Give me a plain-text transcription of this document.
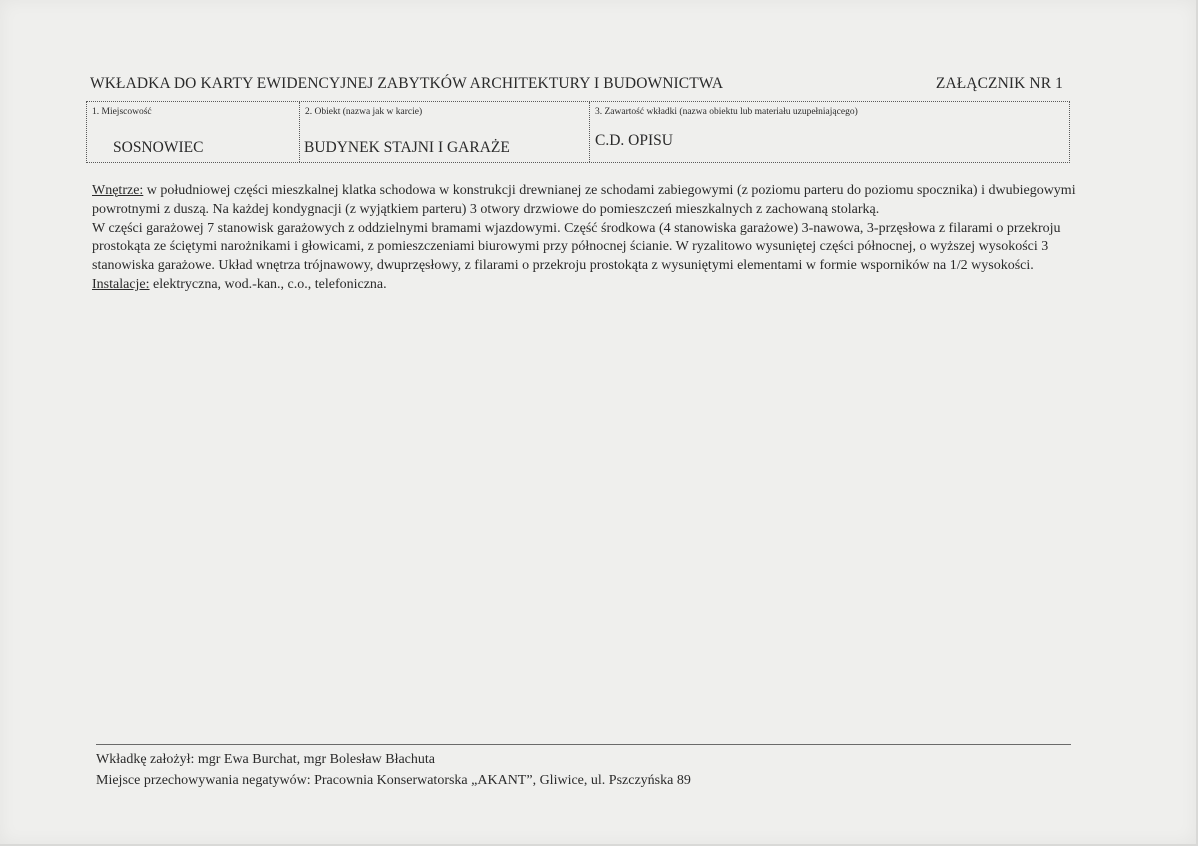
WKŁADKA DO KARTY EWIDENCYJNEJ ZABYTKÓW ARCHITEKTURY I BUDOWNICTWA	ZAŁĄCZNIK NR 1
1. Miejscowość
SOSNOWIEC
2. Obiekt (nazwa jak w karcie)
BUDYNEK STAJNI I GARAŻE
3. Zawartość wkładki (nazwa obiektu lub materiału uzupełniającego)
C.D. OPISU

Wnętrze: w południowej części mieszkalnej klatka schodowa w konstrukcji drewnianej ze schodami zabiegowymi (z poziomu parteru do poziomu spocznika) i dwubiegowymi powrotnymi z duszą. Na każdej kondygnacji (z wyjątkiem parteru) 3 otwory drzwiowe do pomieszczeń mieszkalnych z zachowaną stolarką.

W części garażowej 7 stanowisk garażowych z oddzielnymi bramami wjazdowymi. Część środkowa (4 stanowiska garażowe) 3-nawowa, 3-przęsłowa z filarami o przekroju prostokąta ze ściętymi narożnikami i głowicami, z pomieszczeniami biurowymi przy północnej ścianie. W ryzalitowo wysuniętej części północnej, o wyższej wysokości 3 stanowiska garażowe. Układ wnętrza trójnawowy, dwuprzęsłowy, z filarami o przekroju prostokąta z wysuniętymi elementami w formie wsporników na 1/2 wysokości.

Instalacje: elektryczna, wod.-kan., c.o., telefoniczna.

Wkładkę założył: mgr Ewa Burchat, mgr Bolesław Błachuta

Miejsce przechowywania negatywów: Pracownia Konserwatorska „AKANT”, Gliwice, ul. Pszczyńska 89
